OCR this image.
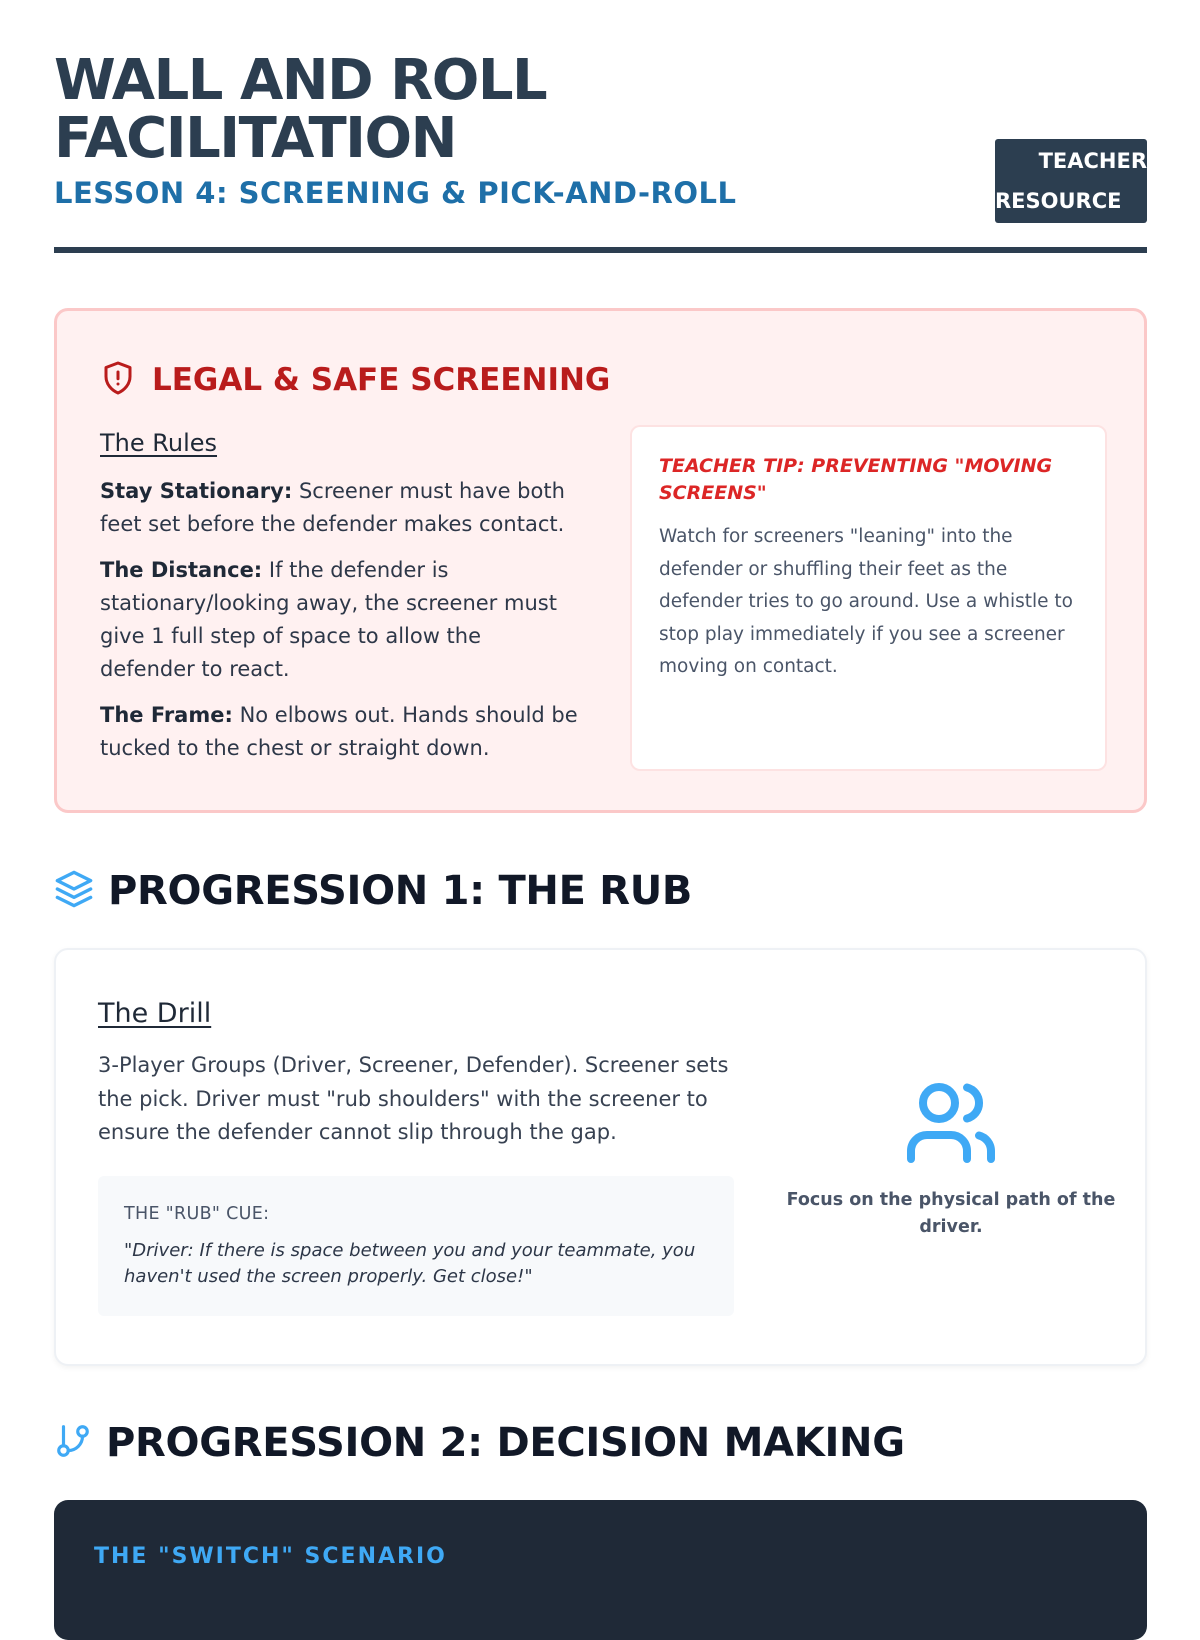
WALL AND ROLL
FACILITATION
LESSON 4: SCREENING & PICK-AND-ROLL
TEACHER
RESOURCE
LEGAL & SAFE SCREENING
The Rules

Stay Stationary: Screener must have both feet set before the defender makes contact.

The Distance: If the defender is stationary/looking away, the screener must give 1 full step of space to allow the defender to react.

The Frame: No elbows out. Hands should be tucked to the chest or straight down.

TEACHER TIP: PREVENTING "MOVING SCREENS"

Watch for screeners "leaning" into the defender or shuffling their feet as the defender tries to go around. Use a whistle to stop play immediately if you see a screener moving on contact.

PROGRESSION 1: THE RUB
The Drill

3-Player Groups (Driver, Screener, Defender). Screener sets the pick. Driver must "rub shoulders" with the screener to ensure the defender cannot slip through the gap.

THE "RUB" CUE:

"Driver: If there is space between you and your teammate, you haven't used the screen properly. Get close!"

Focus on the physical path of the driver.
PROGRESSION 2: DECISION MAKING
THE "SWITCH" SCENARIO
